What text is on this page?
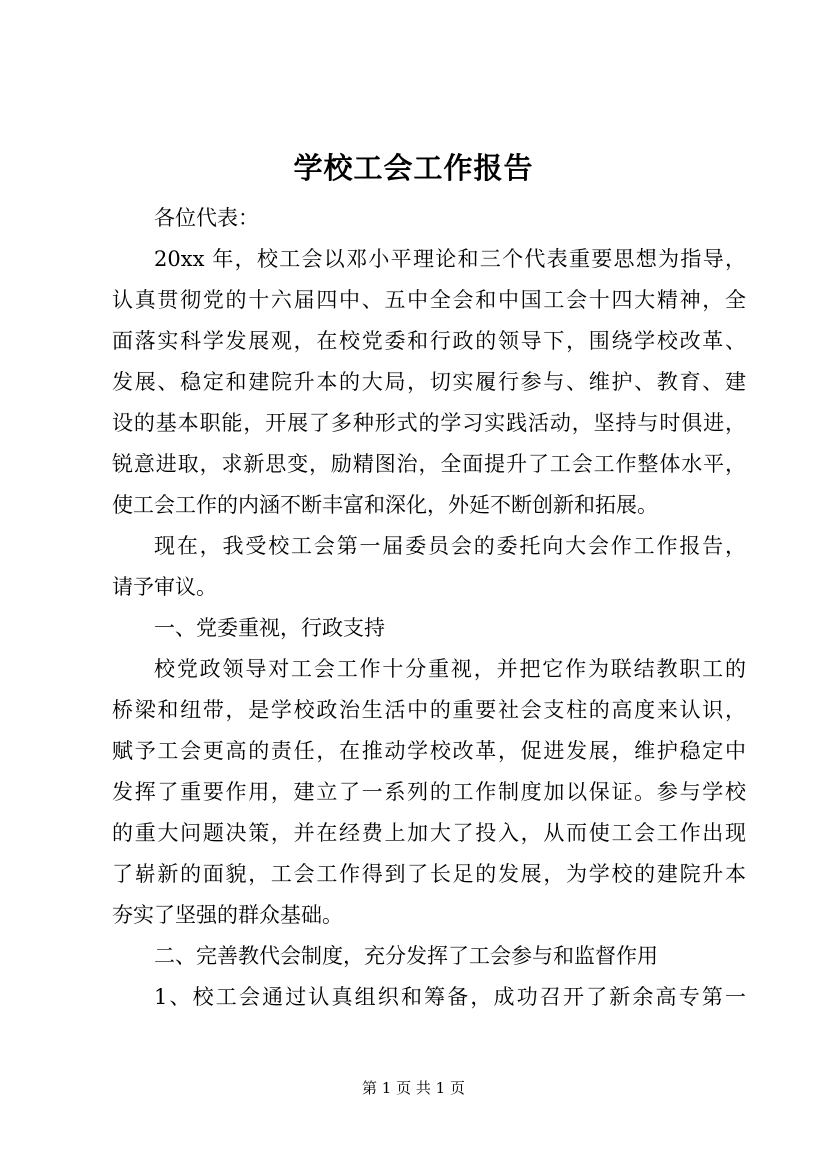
学校工会工作报告
各位代表：
20xx 年，校工会以邓小平理论和三个代表重要思想为指导，
认真贯彻党的十六届四中、五中全会和中国工会十四大精神，全
面落实科学发展观，在校党委和行政的领导下，围绕学校改革、
发展、稳定和建院升本的大局，切实履行参与、维护、教育、建
设的基本职能，开展了多种形式的学习实践活动，坚持与时俱进，
锐意进取，求新思变，励精图治，全面提升了工会工作整体水平，
使工会工作的内涵不断丰富和深化，外延不断创新和拓展。
现在，我受校工会第一届委员会的委托向大会作工作报告，
请予审议。
一、党委重视，行政支持
校党政领导对工会工作十分重视，并把它作为联结教职工的
桥梁和纽带，是学校政治生活中的重要社会支柱的高度来认识，
赋予工会更高的责任，在推动学校改革，促进发展，维护稳定中
发挥了重要作用，建立了一系列的工作制度加以保证。参与学校
的重大问题决策，并在经费上加大了投入，从而使工会工作出现
了崭新的面貌，工会工作得到了长足的发展，为学校的建院升本
夯实了坚强的群众基础。
二、完善教代会制度，充分发挥了工会参与和监督作用
1、校工会通过认真组织和筹备，成功召开了新余高专第一
第 1 页 共 1 页
